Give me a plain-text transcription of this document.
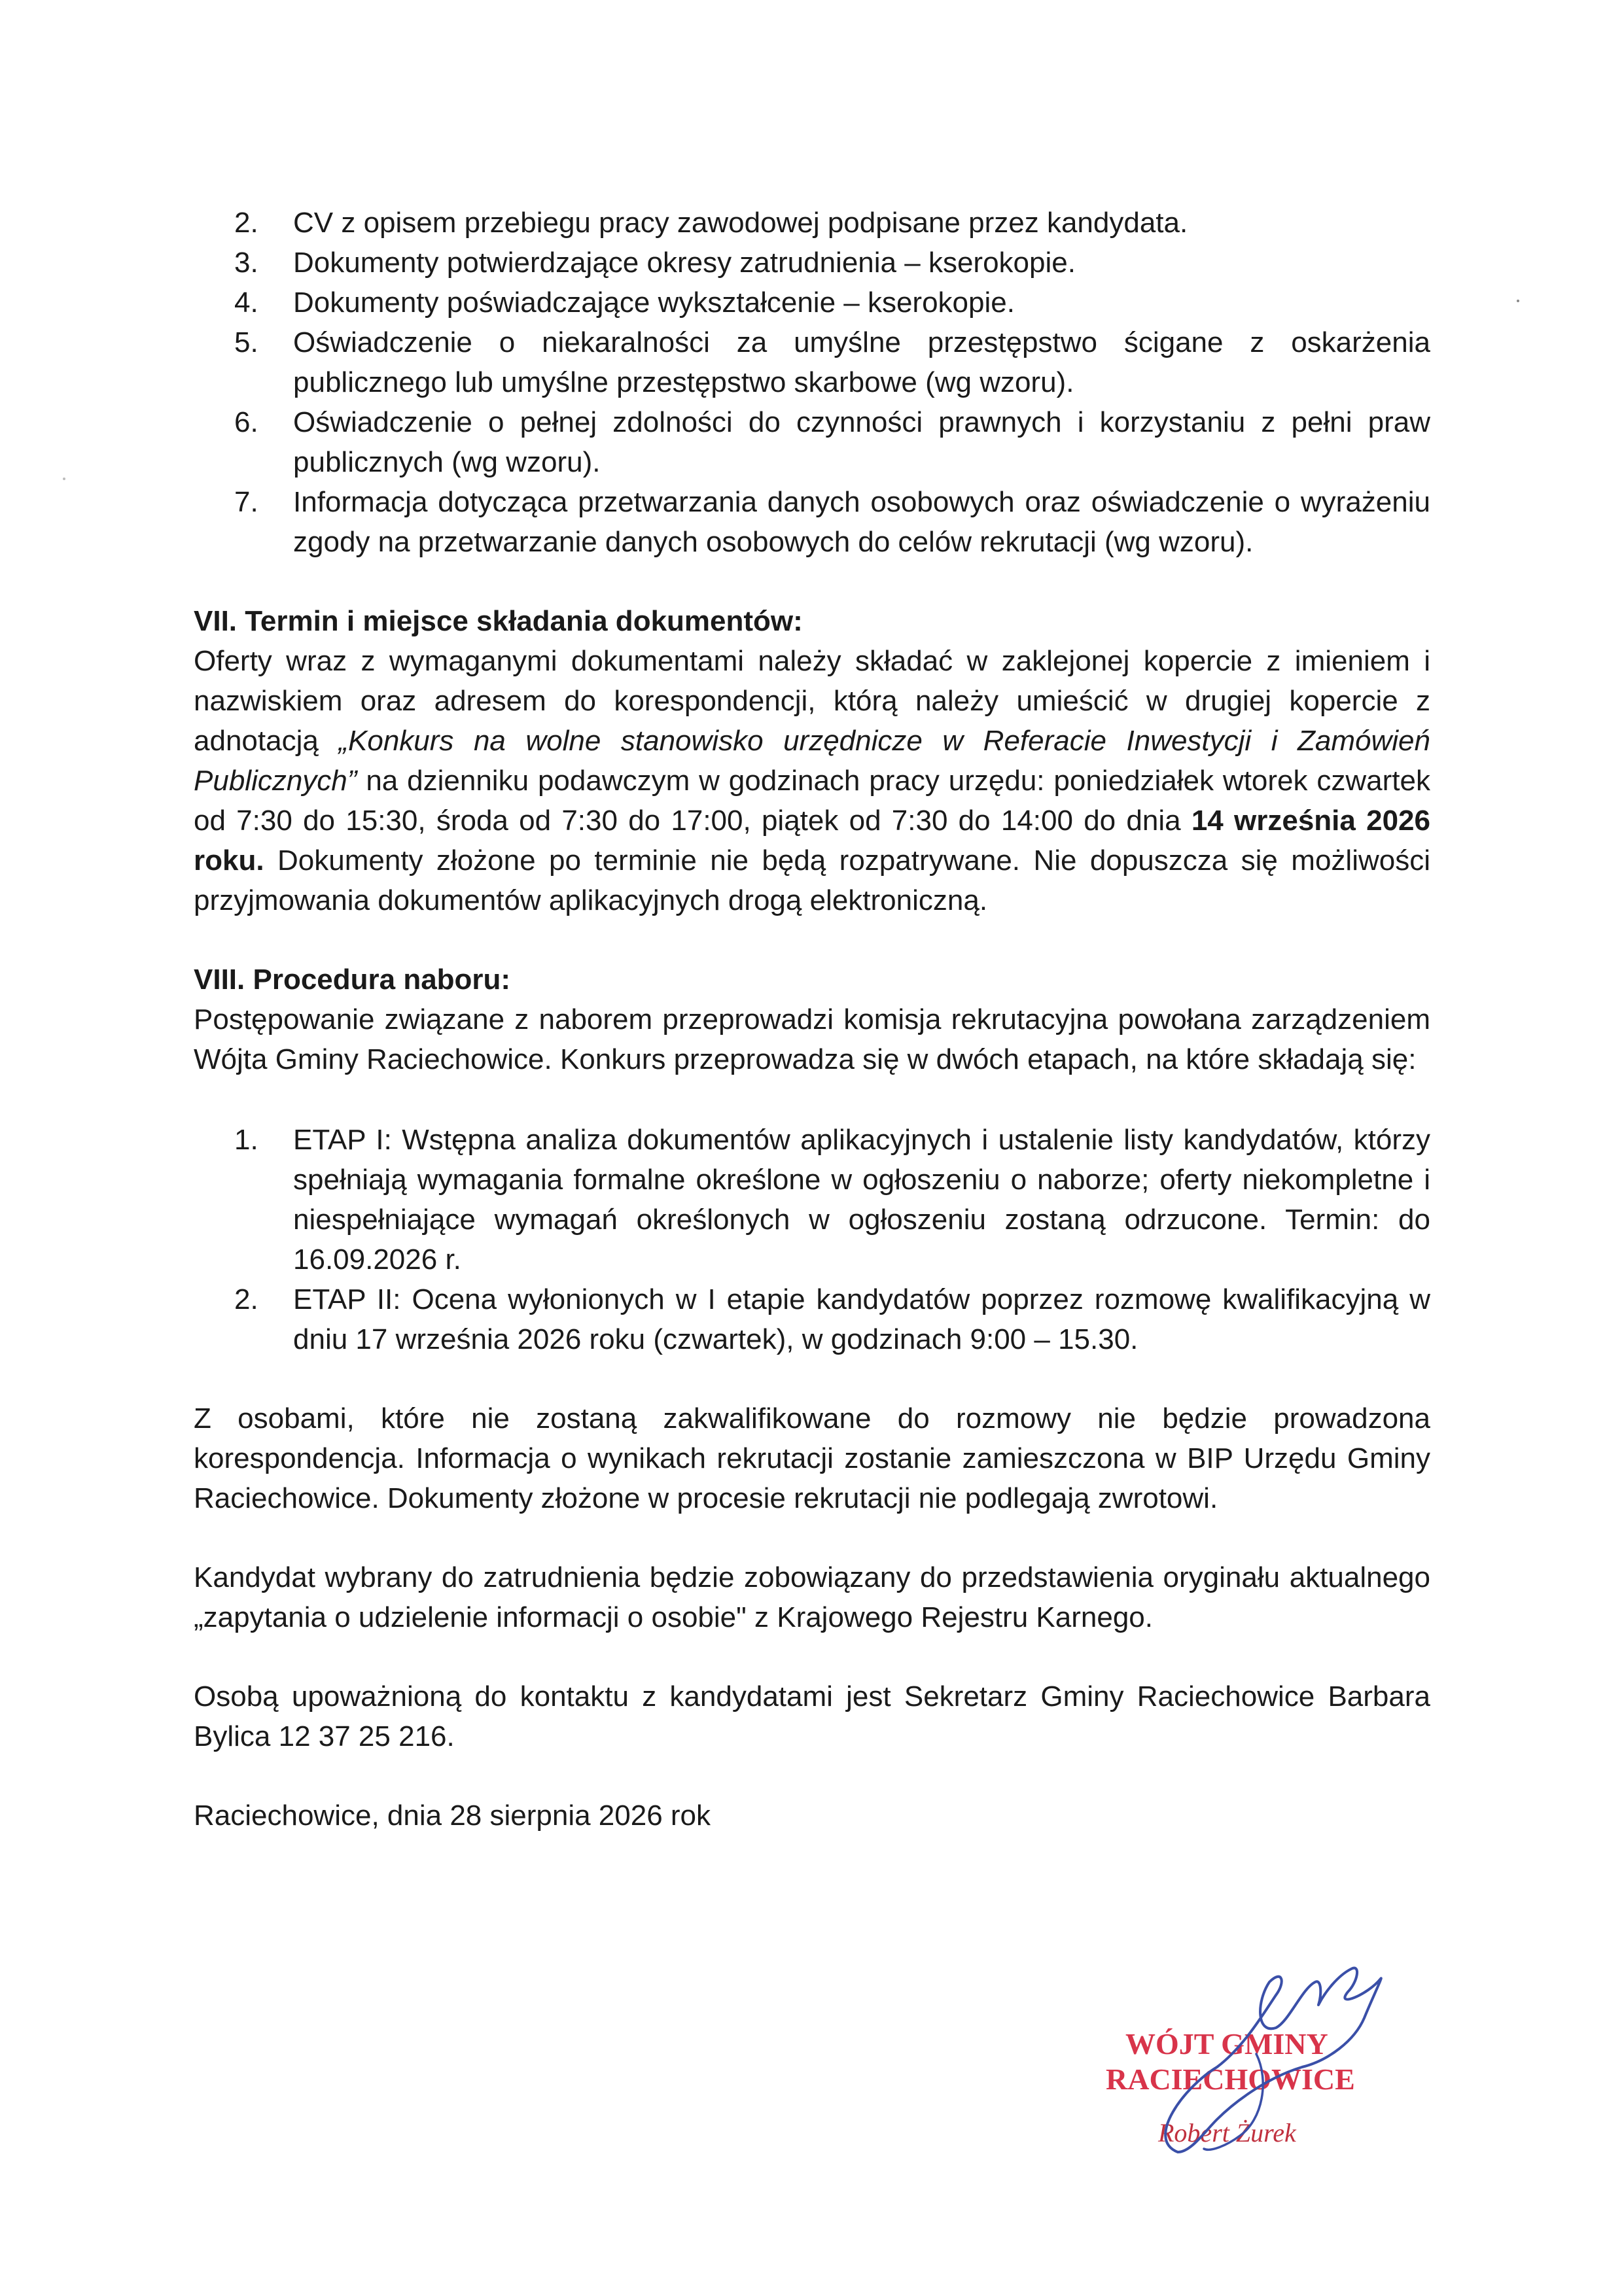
2.	CV z opisem przebiegu pracy zawodowej podpisane przez kandydata.
3.	Dokumenty potwierdzające okresy zatrudnienia – kserokopie.
4.	Dokumenty poświadczające wykształcenie – kserokopie.
5.	Oświadczenie o niekaralności za umyślne przestępstwo ścigane z oskarżenia publicznego lub umyślne przestępstwo skarbowe (wg wzoru).
6.	Oświadczenie o pełnej zdolności do czynności prawnych i korzystaniu z pełni praw publicznych (wg wzoru).
7.	Informacja dotycząca przetwarzania danych osobowych oraz oświadczenie o wyrażeniu zgody na przetwarzanie danych osobowych do celów rekrutacji (wg wzoru).

VII. Termin i miejsce składania dokumentów:

Oferty wraz z wymaganymi dokumentami należy składać w zaklejonej kopercie z imieniem i nazwiskiem oraz adresem do korespondencji, którą należy umieścić w drugiej kopercie z adnotacją „Konkurs na wolne stanowisko urzędnicze w Referacie Inwestycji i Zamówień Publicznych” na dzienniku podawczym w godzinach pracy urzędu: poniedziałek wtorek czwartek od 7:30 do 15:30, środa od 7:30 do 17:00, piątek od 7:30 do 14:00 do dnia 14 września 2026 roku. Dokumenty złożone po terminie nie będą rozpatrywane. Nie dopuszcza się możliwości przyjmowania dokumentów aplikacyjnych drogą elektroniczną.

VIII. Procedura naboru:

Postępowanie związane z naborem przeprowadzi komisja rekrutacyjna powołana zarządzeniem Wójta Gminy Raciechowice. Konkurs przeprowadza się w dwóch etapach, na które składają się:

1.	ETAP I: Wstępna analiza dokumentów aplikacyjnych i ustalenie listy kandydatów, którzy spełniają wymagania formalne określone w ogłoszeniu o naborze; oferty niekompletne i niespełniające wymagań określonych w ogłoszeniu zostaną odrzucone. Termin: do 16.09.2026 r.
2.	ETAP II: Ocena wyłonionych w I etapie kandydatów poprzez rozmowę kwalifikacyjną w dniu 17 września 2026 roku (czwartek), w godzinach 9:00 – 15.30.

Z osobami, które nie zostaną zakwalifikowane do rozmowy nie będzie prowadzona korespondencja. Informacja o wynikach rekrutacji zostanie zamieszczona w BIP Urzędu Gminy Raciechowice. Dokumenty złożone w procesie rekrutacji nie podlegają zwrotowi.

Kandydat wybrany do zatrudnienia będzie zobowiązany do przedstawienia oryginału aktualnego „zapytania o udzielenie informacji o osobie" z Krajowego Rejestru Karnego.

Osobą upoważnioną do kontaktu z kandydatami jest Sekretarz Gminy Raciechowice Barbara Bylica 12 37 25 216.

Raciechowice, dnia 28 sierpnia 2026 rok

WÓJT GMINY
RACIECHOWICE
Robert Żurek
